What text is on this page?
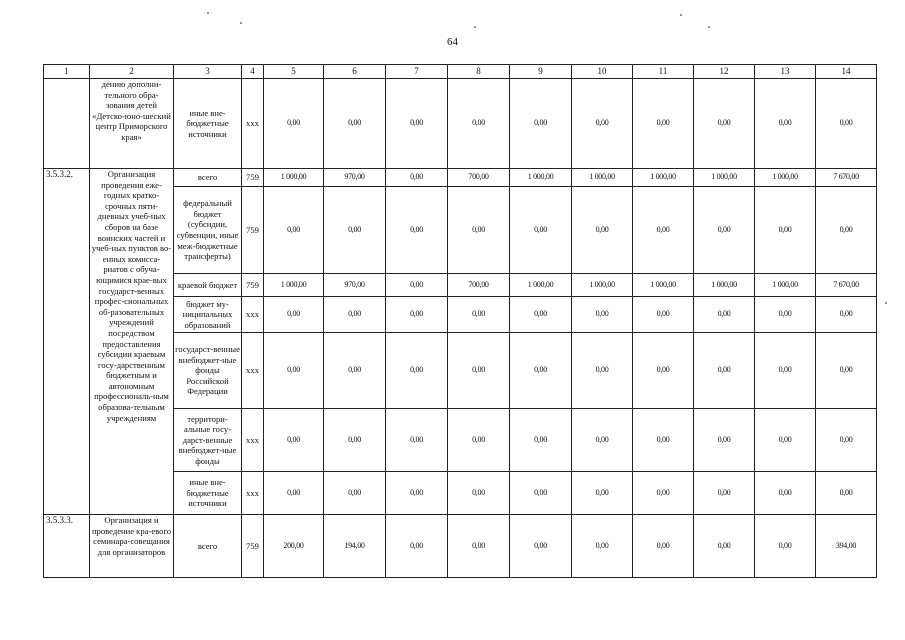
64
1	2	3	4	5	6	7	8	9	10	11	12	13	14
	дению дополни-тельного обра-зования детей «Детско-юно-шеский центр Приморского края»	иные вне-бюджетные источники	xxx	0,00	0,00	0,00	0,00	0,00	0,00	0,00	0,00	0,00	0,00
3.5.3.2.	Организация проведения еже-годных кратко-срочных пяти-дневных учеб-ных сборов на базе воинских частей и учеб-ных пунктов во-енных комисса-риатов с обуча-ющимися крае-вых государст-венных профес-сиональных об-разовательных учреждений посредством предоставления субсидии краевым госу-дарственным бюджетным и автономным профессиональ-ным образова-тельным учреждениям	всего	759	1 000,00	970,00	0,00	700,00	1 000,00	1 000,00	1 000,00	1 000,00	1 000,00	7 670,00
		федеральный бюджет (субсидии, субвенции, иные меж-бюджетные трансферты)	759	0,00	0,00	0,00	0,00	0,00	0,00	0,00	0,00	0,00	0,00
		краевой бюджет	759	1 000,00	970,00	0,00	700,00	1 000,00	1 000,00	1 000,00	1 000,00	1 000,00	7 670,00
		бюджет му-ниципальных образований	xxx	0,00	0,00	0,00	0,00	0,00	0,00	0,00	0,00	0,00	0,00
		государст-венные внебюджет-ные фонды Российской Федерации	xxx	0,00	0,00	0,00	0,00	0,00	0,00	0,00	0,00	0,00	0,00
		территори-альные госу-дарст-венные внебюджет-ные фонды	xxx	0,00	0,00	0,00	0,00	0,00	0,00	0,00	0,00	0,00	0,00
		иные вне-бюджетные источники	xxx	0,00	0,00	0,00	0,00	0,00	0,00	0,00	0,00	0,00	0,00
3.5.3.3.	Организация и проведение кра-евого семинара-совещания для организаторов	всего	759	200,00	194,00	0,00	0,00	0,00	0,00	0,00	0,00	0,00	394,00
